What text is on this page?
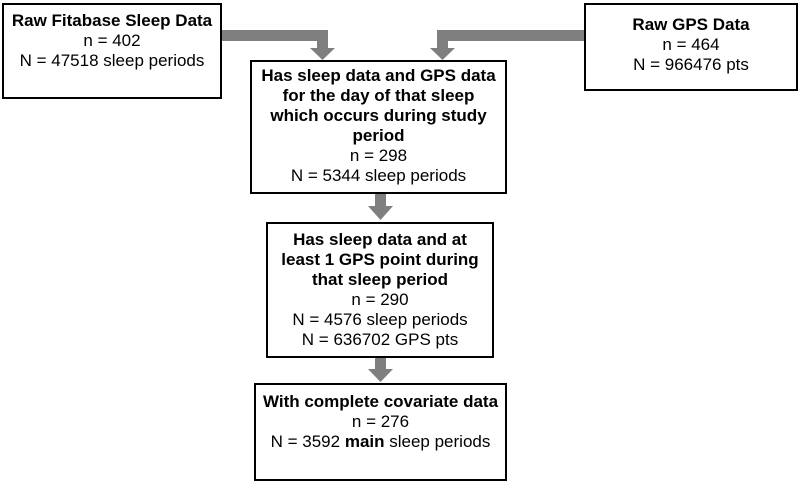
Raw Fitabase Sleep Data
n = 402
N = 47518 sleep periods
Raw GPS Data
n = 464
N = 966476 pts
Has sleep data and GPS data for the day of that sleep which occurs during study period
n = 298
N = 5344 sleep periods
Has sleep data and at least 1 GPS point during that sleep period
n = 290
N = 4576 sleep periods
N = 636702 GPS pts
With complete covariate data
n = 276
N = 3592 main sleep periods
